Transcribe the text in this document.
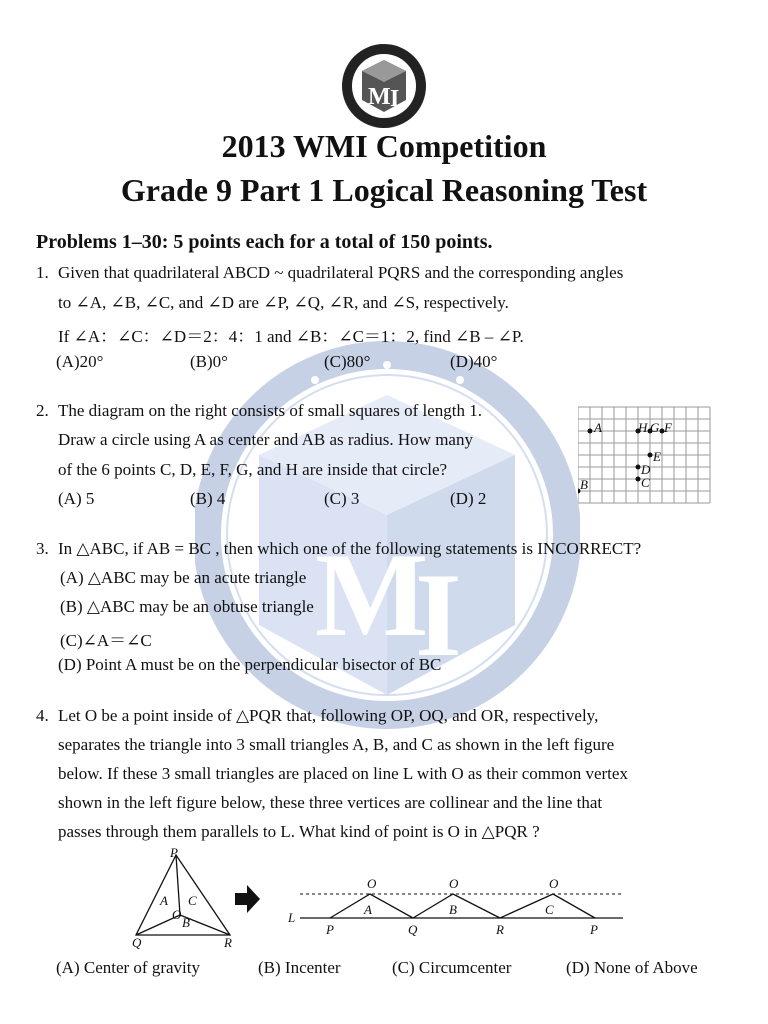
M
I
M I
2013 WMI Competition
Grade 9 Part 1 Logical Reasoning Test
Problems 1–30: 5 points each for a total of 150 points.
1. Given that quadrilateral ABCD ~ quadrilateral PQRS and the corresponding angles
to ∠A, ∠B, ∠C, and ∠D are ∠P, ∠Q, ∠R, and ∠S, respectively.
If ∠A：∠C：∠D＝2：4：1 and ∠B：∠C＝1：2, find ∠B – ∠P.
(A)20°	(B)0°	(C)80°	(D)40°
2. The diagram on the right consists of small squares of length 1.
Draw a circle using A as center and AB as radius. How many
of the 6 points C, D, E, F, G, and H are inside that circle?
(A) 5	(B) 4	(C) 3	(D) 2
A	H G F
E
D
C
B
3. In △ABC, if AB = BC , then which one of the following statements is INCORRECT?
(A) △ABC may be an acute triangle
(B) △ABC may be an obtuse triangle
(C)∠A＝∠C
(D) Point A must be on the perpendicular bisector of BC
4. Let O be a point inside of △PQR that, following OP, OQ, and OR, respectively,
separates the triangle into 3 small triangles A, B, and C as shown in the left figure
below. If these 3 small triangles are placed on line L with O as their common vertex
shown in the left figure below, these three vertices are collinear and the line that
passes through them parallels to L. What kind of point is O in △PQR ?
P
A C
O
B
Q	R
O	O	O
L
A	B	C
P	Q	R	P
(A) Center of gravity	(B) Incenter	(C) Circumcenter	(D) None of Above
